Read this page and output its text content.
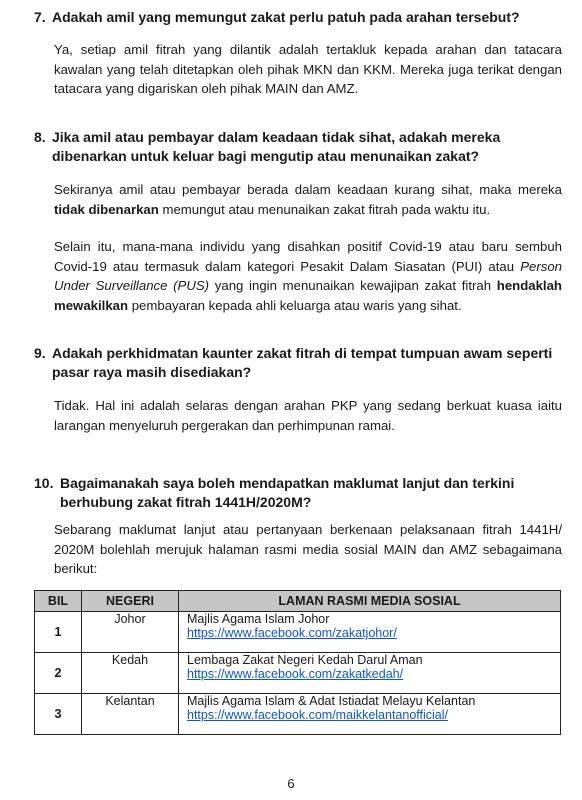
7. Adakah amil yang memungut zakat perlu patuh pada arahan tersebut?
Ya, setiap amil fitrah yang dilantik adalah tertakluk kepada arahan dan tatacara kawalan yang telah ditetapkan oleh pihak MKN dan KKM. Mereka juga terikat dengan tatacara yang digariskan oleh pihak MAIN dan AMZ.
8. Jika amil atau pembayar dalam keadaan tidak sihat, adakah mereka dibenarkan untuk keluar bagi mengutip atau menunaikan zakat?
Sekiranya amil atau pembayar berada dalam keadaan kurang sihat, maka mereka tidak dibenarkan memungut atau menunaikan zakat fitrah pada waktu itu.
Selain itu, mana-mana individu yang disahkan positif Covid-19 atau baru sembuh Covid-19 atau termasuk dalam kategori Pesakit Dalam Siasatan (PUI) atau Person Under Surveillance (PUS) yang ingin menunaikan kewajipan zakat fitrah hendaklah mewakilkan pembayaran kepada ahli keluarga atau waris yang sihat.
9. Adakah perkhidmatan kaunter zakat fitrah di tempat tumpuan awam seperti pasar raya masih disediakan?
Tidak. Hal ini adalah selaras dengan arahan PKP yang sedang berkuat kuasa iaitu larangan menyeluruh pergerakan dan perhimpunan ramai.
10. Bagaimanakah saya boleh mendapatkan maklumat lanjut dan terkini berhubung zakat fitrah 1441H/2020M?
Sebarang maklumat lanjut atau pertanyaan berkenaan pelaksanaan fitrah 1441H/ 2020M bolehlah merujuk halaman rasmi media sosial MAIN dan AMZ sebagaimana berikut:
BIL	NEGERI	LAMAN RASMI MEDIA SOSIAL
1	Johor	Majlis Agama Islam Johor
https://www.facebook.com/zakatjohor/

2	Kedah	Lembaga Zakat Negeri Kedah Darul Aman
https://www.facebook.com/zakatkedah/

3	Kelantan	Majlis Agama Islam & Adat Istiadat Melayu Kelantan
https://www.facebook.com/maikkelantanofficial/
6
